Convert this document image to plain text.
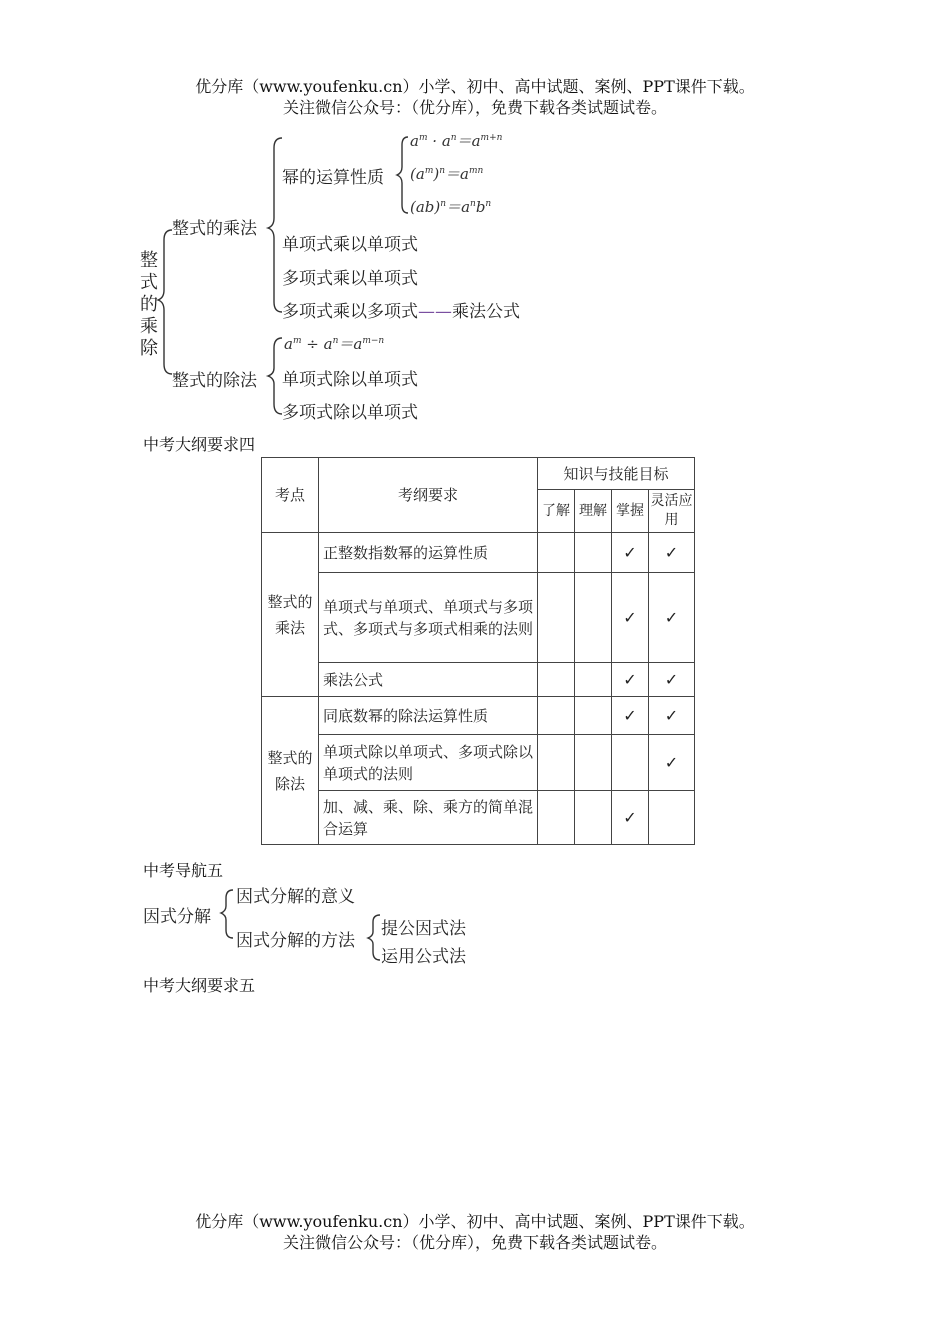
优分库（www.youfenku.cn）小学、初中、高中试题、案例、PPT课件下载。
关注微信公众号：（优分库），免费下载各类试题试卷。
整
式
的
乘
除
整式的乘法
幂的运算性质
$a^m \cdot a^n=a^{m+n}$
$(a^m)^n=a^{mn}$
$(ab)^n=a^nb^n$
单项式乘以单项式
多项式乘以单项式
多项式乘以多项式——乘法公式
整式的除法
$a^m \div a^n=a^{m-n}$
单项式除以单项式
多项式除以单项式
中考大纲要求四
考点	考纲要求	知识与技能目标			
		了解	理解	掌握	灵活应用
整式的乘法	正整数指数幂的运算性质			✓	✓
	单项式与单项式、单项式与多项式、多项式与多项式相乘的法则			✓	✓
	乘法公式			✓	✓
整式的除法	同底数幂的除法运算性质			✓	✓
	单项式除以单项式、多项式除以单项式的法则				✓
	加、减、乘、除、乘方的简单混合运算			✓	
中考导航五
因式分解
因式分解的意义
因式分解的方法
提公因式法
运用公式法
中考大纲要求五
优分库（www.youfenku.cn）小学、初中、高中试题、案例、PPT课件下载。
关注微信公众号：（优分库），免费下载各类试题试卷。
